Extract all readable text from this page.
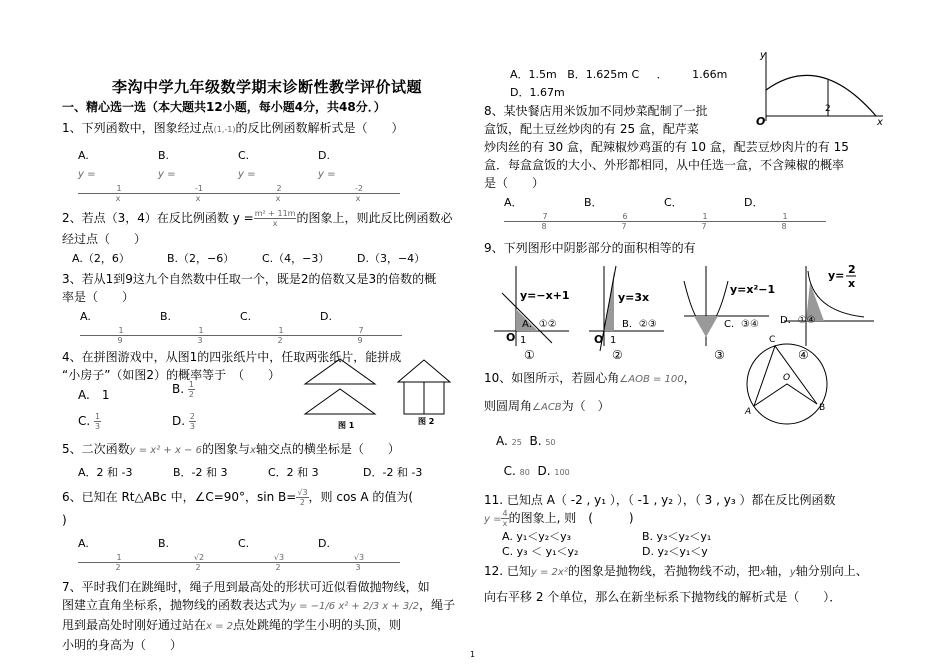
李沟中学九年级数学期末诊断性教学评价试题
一、精心选一选（本大题共12小题，每小题4分，共48分．）
1、下列函数中，图象经过点(1,-1)的反比例函数解析式是（　　）
A. $y =\frac{1}{x}$
B. $y =\frac{-1}{x}$
C. $y =\frac{2}{x}$
D. $y =\frac{-2}{x}$
2、若点（3，4）在反比例函数 $y = \frac{\text{m² + 11m}}{x}$ 的图象上，则此反比例函数必
经过点（　　）
A.（2，6）	B.（2，−6）	C.（4，−3）	D.（3，−4）
3、若从1到9这九个自然数中任取一个，既是2的倍数又是3的倍数的概
率是（　　）
A. $\frac{1}{9}$
B. $\frac{1}{3}$
C. $\frac{1}{2}$
D. $\frac{7}{9}$
4、在拼图游戏中，从图1的四张纸片中，任取两张纸片，能拼成
“小房子”（如图2）的概率等于　（　　）
A.　1	B. $\frac{1}{2}$
C. $\frac{1}{3}$	D. $\frac{2}{3}$	图 1	图 2
5、二次函数y = x² + x − 6的图象与x轴交点的横坐标是（　　）
A．2 和 -3	B．-2 和 3	C．2 和 3	D．-2 和 -3
6、已知在 Rt△ABc 中，∠C=90°，$\sin B= \frac{√3}{2}$ ，则 cos A 的值为(
)
$A.\frac{1}{2}$
$B.\frac{√2}{2}$
$C.\frac{√3}{2}$
$D.\frac{√3}{3}$
7、平时我们在跳绳时，绳子甩到最高处的形状可近似看做抛物线，如
图建立直角坐标系，抛物线的函数表达式为y = −1/6 x² + 2/3 x + 3/2，绳子
甩到最高处时刚好通过站在x = 2点处跳绳的学生小明的头顶，则
小明的身高为（　　）
A．1.5m B．1.625m C ． 1.66m
D．1.67m
y
O	x
2
8、某快餐店用米饭加不同炒菜配制了一批
盒饭，配土豆丝炒肉的有 25 盒，配芹菜
炒肉丝的有 30 盒，配辣椒炒鸡蛋的有 10 盒，配芸豆炒肉片的有 15
盒．每盒盒饭的大小、外形都相同，从中任选一盒，不含辣椒的概率
是（　　）
A．$\frac{7}{8}$
B．$\frac{6}{7}$
C．$\frac{1}{7}$
D．$\frac{1}{8}$
9、下列图形中阴影部分的面积相等的有
y=−x+1
A．①②
O 1
①
y=3x
B．②③
O 1
②
y=x²−1
C．③④
③
y= 2
x
D．①④
④
10、如图所示，若圆心角∠AOB = 100，
则圆周角∠ACB为（　）
A. 25 B. 50
C. 80 D. 100
C
O
A	B
11. 已知点 A（ -2 , y₁ ），（ -1 , y₂ ），（ 3 , y₃ ）都在反比例函数
$y = \frac{4}{x}$ 的图象上, 则　(　　　)
A. y₁＜y₂＜y₃	B. y₃＜y₂＜y₁
C. y₃ ＜ y₁＜y₂	D. y₂＜y₁＜y
12. 已知y = 2x²的图象是抛物线，若抛物线不动，把x轴，y轴分别向上、
向右平移 2 个单位，那么在新坐标系下抛物线的解析式是（　　）．
1
